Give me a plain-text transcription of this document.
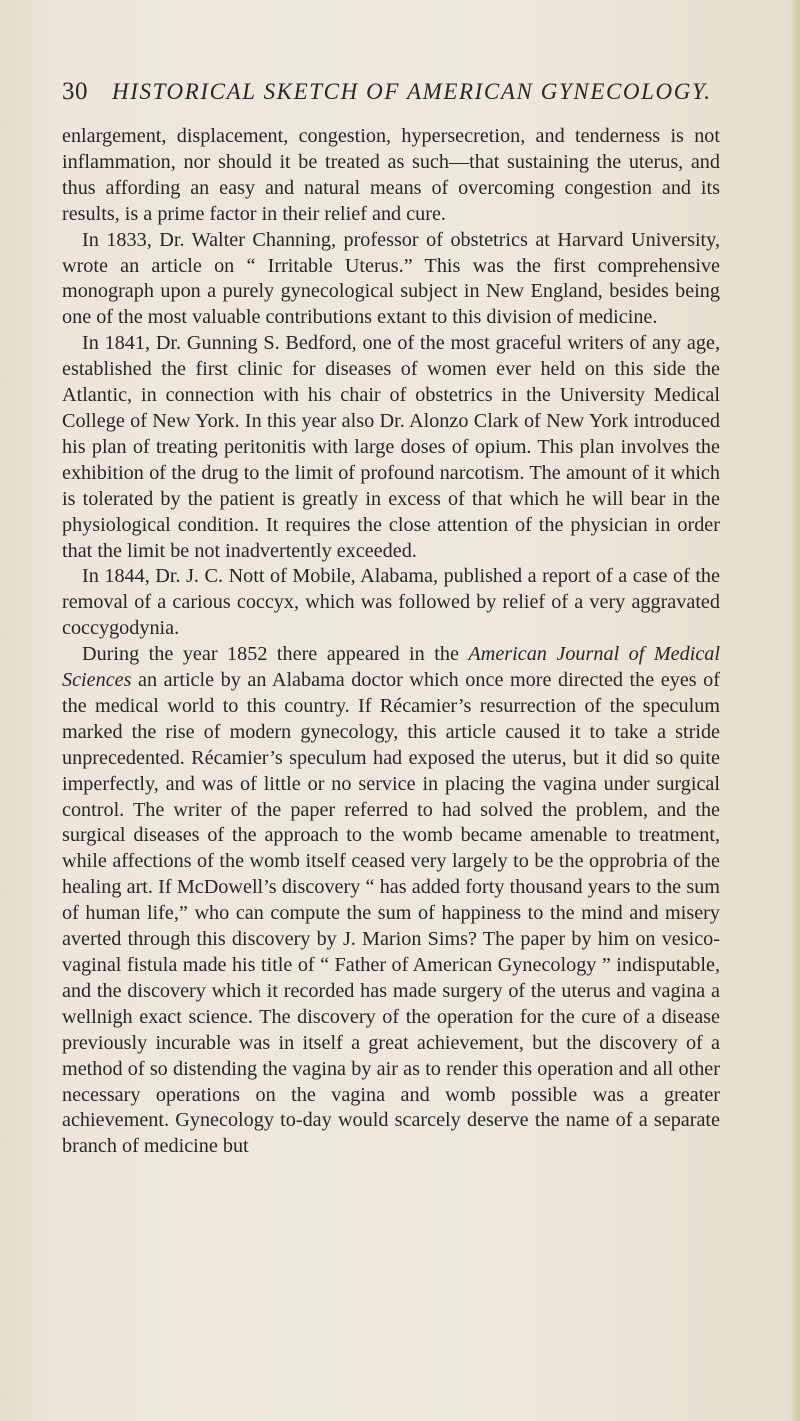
30 HISTORICAL SKETCH OF AMERICAN GYNECOLOGY.

enlargement, displacement, congestion, hypersecretion, and tenderness is not inflammation, nor should it be treated as such—that sustaining the uterus, and thus affording an easy and natural means of overcoming congestion and its results, is a prime factor in their relief and cure.

In 1833, Dr. Walter Channing, professor of obstetrics at Harvard University, wrote an article on “ Irritable Uterus.” This was the first comprehensive monograph upon a purely gynecological subject in New England, besides being one of the most valuable contributions extant to this division of medicine.

In 1841, Dr. Gunning S. Bedford, one of the most graceful writers of any age, established the first clinic for diseases of women ever held on this side the Atlantic, in connection with his chair of obstetrics in the University Medical College of New York. In this year also Dr. Alonzo Clark of New York introduced his plan of treating peritonitis with large doses of opium. This plan involves the exhibition of the drug to the limit of profound narcotism. The amount of it which is tolerated by the patient is greatly in excess of that which he will bear in the physiological condition. It requires the close attention of the physician in order that the limit be not inadvertently exceeded.

In 1844, Dr. J. C. Nott of Mobile, Alabama, published a report of a case of the removal of a carious coccyx, which was followed by relief of a very aggravated coccygodynia.

During the year 1852 there appeared in the American Journal of Medical Sciences an article by an Alabama doctor which once more directed the eyes of the medical world to this country. If Récamier’s resurrection of the speculum marked the rise of modern gynecology, this article caused it to take a stride unprecedented. Récamier’s speculum had exposed the uterus, but it did so quite imperfectly, and was of little or no service in placing the vagina under surgical control. The writer of the paper referred to had solved the problem, and the surgical diseases of the approach to the womb became amenable to treatment, while affections of the womb itself ceased very largely to be the opprobria of the healing art. If McDowell’s discovery “ has added forty thousand years to the sum of human life,” who can compute the sum of happiness to the mind and misery averted through this discovery by J. Marion Sims? The paper by him on vesico-vaginal fistula made his title of “ Father of American Gynecology ” indisputable, and the discovery which it recorded has made surgery of the uterus and vagina a wellnigh exact science. The discovery of the operation for the cure of a disease previously incurable was in itself a great achievement, but the discovery of a method of so distending the vagina by air as to render this operation and all other necessary operations on the vagina and womb possible was a greater achievement. Gynecology to-day would scarcely deserve the name of a separate branch of medicine but
